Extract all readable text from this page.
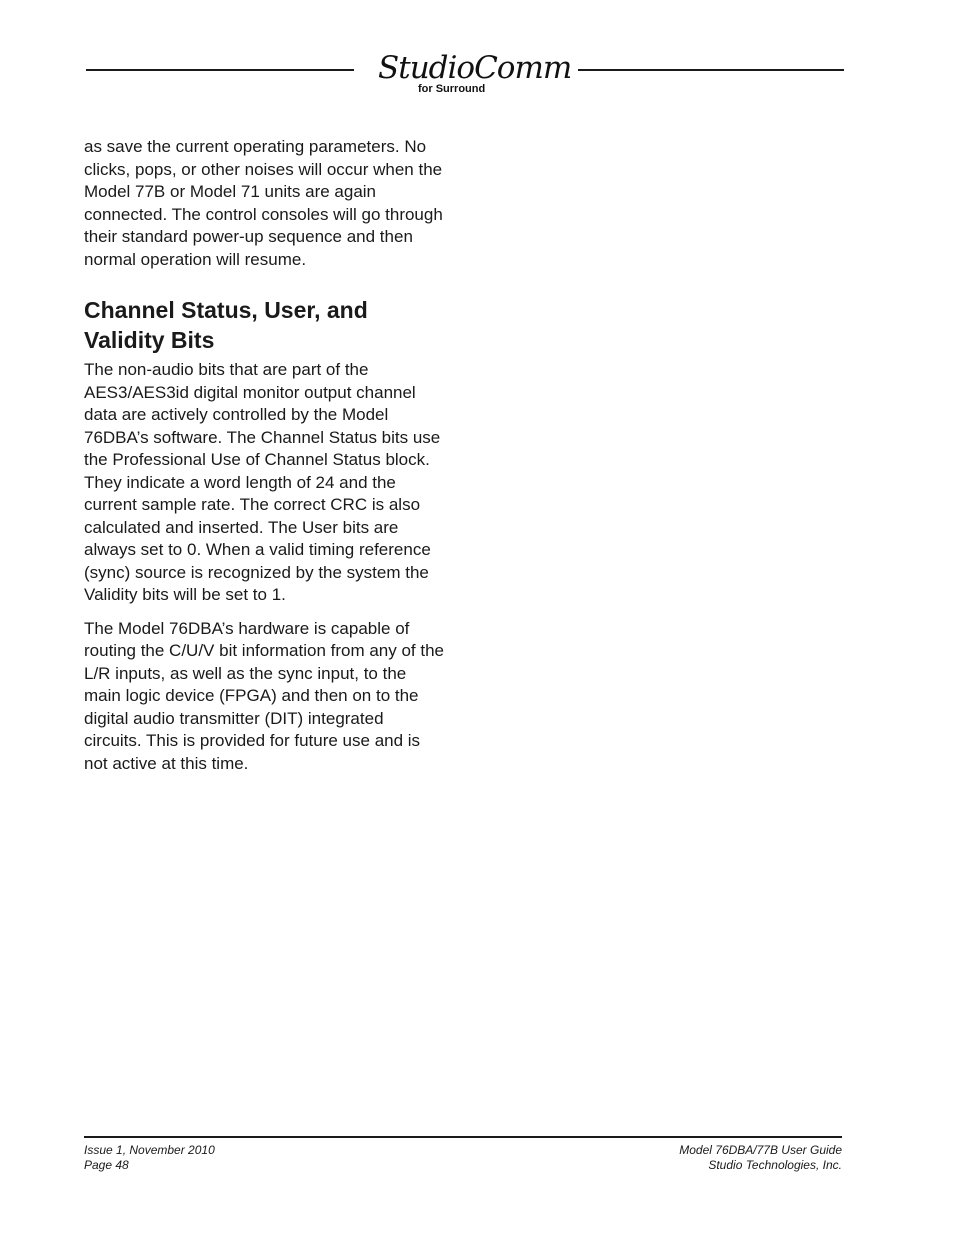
StudioComm
for Surround

as save the current operating parameters. No clicks, pops, or other noises will occur when the Model 77B or Model 71 units are again connected. The control consoles will go through their standard power-up sequence and then normal operation will resume.

Channel Status, User, and Validity Bits

The non-audio bits that are part of the AES3/AES3id digital monitor output channel data are actively controlled by the Model 76DBA’s software. The Channel Status bits use the Professional Use of Channel Status block. They indicate a word length of 24 and the current sample rate. The correct CRC is also calculated and inserted. The User bits are always set to 0. When a valid timing reference (sync) source is recognized by the system the Validity bits will be set to 1.

The Model 76DBA’s hardware is capable of routing the C/U/V bit information from any of the L/R inputs, as well as the sync input, to the main logic device (FPGA) and then on to the digital audio transmitter (DIT) integrated circuits. This is provided for future use and is not active at this time.

Issue 1, November 2010
Page 48
Model 76DBA/77B User Guide
Studio Technologies, Inc.
